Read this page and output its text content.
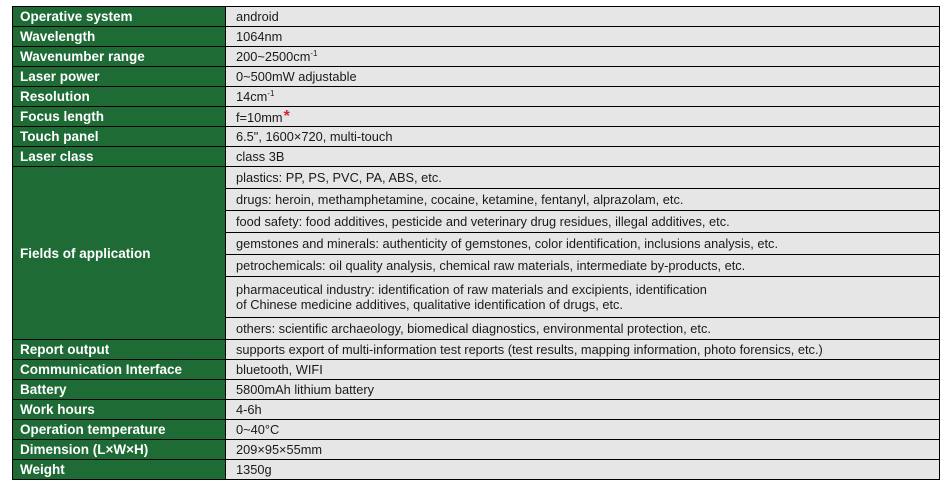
Operative system	android
Wavelength	1064nm
Wavenumber range	$200\sim 2500cm^{-1}$
Laser power	0~500mW adjustable
Resolution	$14cm^{-1}$
Focus length	f=10mm*
Touch panel	6.5", 1600×720, multi-touch
Laser class	class 3B
Fields of application	plastics: PP, PS, PVC, PA, ABS, etc.

	drugs: heroin, methamphetamine, cocaine, ketamine, fentanyl, alprazolam, etc.

	food safety: food additives, pesticide and veterinary drug residues, illegal additives, etc.

	gemstones and minerals: authenticity of gemstones, color identification, inclusions analysis, etc.

	petrochemicals: oil quality analysis, chemical raw materials, intermediate by-products, etc.

	pharmaceutical industry: identification of raw materials and excipients, identification
of Chinese medicine additives, qualitative identification of drugs, etc.

	others: scientific archaeology, biomedical diagnostics, environmental protection, etc.

Report output	supports export of multi-information test reports (test results, mapping information, photo forensics, etc.)
Communication Interface	bluetooth, WIFI
Battery	5800mAh lithium battery
Work hours	4-6h
Operation temperature	0~40°C
Dimension (L×W×H)	209×95×55mm
Weight	1350g
